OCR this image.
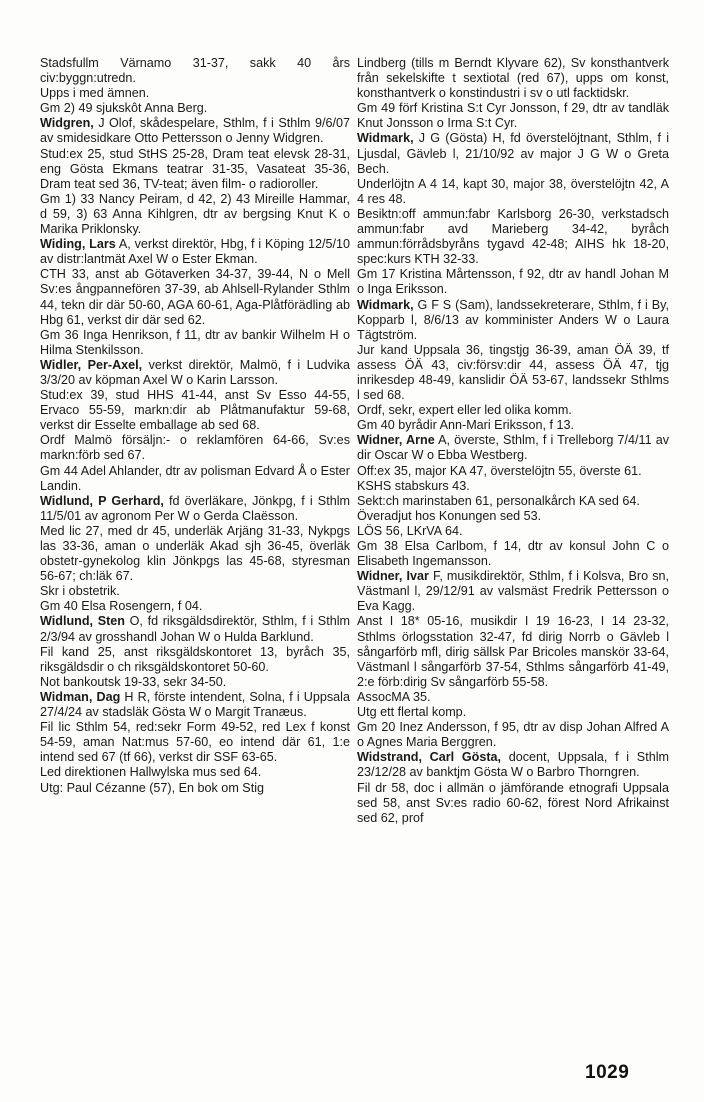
Stadsfullm Värnamo 31-37, sakk 40 års civ:byggn:utredn.

Upps i med ämnen.

Gm 2) 49 sjukskôt Anna Berg.

Widgren, J Olof, skådespelare, Sthlm, f i Sthlm 9/6/07 av smidesidkare Otto Pettersson o Jenny Widgren.

Stud:ex 25, stud StHS 25-28, Dram teat elevsk 28-31, eng Gösta Ekmans teatrar 31-35, Vasateat 35-36, Dram teat sed 36, TV-teat; även film- o radioroller.

Gm 1) 33 Nancy Peiram, d 42, 2) 43 Mireille Hammar, d 59, 3) 63 Anna Kihlgren, dtr av bergsing Knut K o Marika Priklonsky.

Widing, Lars A, verkst direktör, Hbg, f i Köping 12/5/10 av distr:lantmät Axel W o Ester Ekman.

CTH 33, anst ab Götaverken 34-37, 39-44, N o Mell Sv:es ångpannefören 37-39, ab Ahlsell-Rylander Sthlm 44, tekn dir där 50-60, AGA 60-61, Aga-Plåtförädling ab Hbg 61, verkst dir där sed 62.

Gm 36 Inga Henrikson, f 11, dtr av bankir Wilhelm H o Hilma Stenkilsson.

Widler, Per-Axel, verkst direktör, Malmö, f i Ludvika 3/3/20 av köpman Axel W o Karin Larsson.

Stud:ex 39, stud HHS 41-44, anst Sv Esso 44-55, Ervaco 55-59, markn:dir ab Plåtmanufaktur 59-68, verkst dir Esselte emballage ab sed 68.

Ordf Malmö försäljn:- o reklamfören 64-66, Sv:es markn:förb sed 67.

Gm 44 Adel Ahlander, dtr av polisman Edvard Å o Ester Landin.

Widlund, P Gerhard, fd överläkare, Jönkpg, f i Sthlm 11/5/01 av agronom Per W o Gerda Claësson.

Med lic 27, med dr 45, underläk Arjäng 31-33, Nykpgs las 33-36, aman o underläk Akad sjh 36-45, överläk obstetr-gynekolog klin Jönkpgs las 45-68, styresman 56-67; ch:läk 67.

Skr i obstetrik.

Gm 40 Elsa Rosengern, f 04.

Widlund, Sten O, fd riksgäldsdirektör, Sthlm, f i Sthlm 2/3/94 av grosshandl Johan W o Hulda Barklund.

Fil kand 25, anst riksgäldskontoret 13, byråch 35, riksgäldsdir o ch riksgäldskontoret 50-60.

Not bankoutsk 19-33, sekr 34-50.

Widman, Dag H R, förste intendent, Solna, f i Uppsala 27/4/24 av stadsläk Gösta W o Margit Tranæus.

Fil lic Sthlm 54, red:sekr Form 49-52, red Lex f konst 54-59, aman Nat:mus 57-60, eo intend där 61, 1:e intend sed 67 (tf 66), verkst dir SSF 63-65.

Led direktionen Hallwylska mus sed 64.

Utg: Paul Cézanne (57), En bok om Stig

Lindberg (tills m Berndt Klyvare 62), Sv konsthantverk från sekelskifte t sextiotal (red 67), upps om konst, konsthantverk o konstindustri i sv o utl facktidskr.

Gm 49 förf Kristina S:t Cyr Jonsson, f 29, dtr av tandläk Knut Jonsson o Irma S:t Cyr.

Widmark, J G (Gösta) H, fd överstelöjtnant, Sthlm, f i Ljusdal, Gävleb l, 21/10/92 av major J G W o Greta Bech.

Underlöjtn A 4 14, kapt 30, major 38, överstelöjtn 42, A 4 res 48.

Besiktn:off ammun:fabr Karlsborg 26-30, verkstadsch ammun:fabr avd Marieberg 34-42, byråch ammun:förrådsbyråns tygavd 42-48; AIHS hk 18-20, spec:kurs KTH 32-33.

Gm 17 Kristina Mårtensson, f 92, dtr av handl Johan M o Inga Eriksson.

Widmark, G F S (Sam), landssekreterare, Sthlm, f i By, Kopparb l, 8/6/13 av komminister Anders W o Laura Tägtström.

Jur kand Uppsala 36, tingstjg 36-39, aman ÖÄ 39, tf assess ÖÄ 43, civ:försv:dir 44, assess ÖÄ 47, tjg inrikesdep 48-49, kanslidir ÖÄ 53-67, landssekr Sthlms l sed 68.

Ordf, sekr, expert eller led olika komm.

Gm 40 byrådir Ann-Mari Eriksson, f 13.

Widner, Arne A, överste, Sthlm, f i Trelleborg 7/4/11 av dir Oscar W o Ebba Westberg.

Off:ex 35, major KA 47, överstelöjtn 55, överste 61.

KSHS stabskurs 43.

Sekt:ch marinstaben 61, personalkårch KA sed 64.

Överadjut hos Konungen sed 53.

LÖS 56, LKrVA 64.

Gm 38 Elsa Carlbom, f 14, dtr av konsul John C o Elisabeth Ingemansson.

Widner, Ivar F, musikdirektör, Sthlm, f i Kolsva, Bro sn, Västmanl l, 29/12/91 av valsmäst Fredrik Pettersson o Eva Kagg.

Anst I 18* 05-16, musikdir I 19 16-23, I 14 23-32, Sthlms örlogsstation 32-47, fd dirig Norrb o Gävleb l sångarförb mfl, dirig sällsk Par Bricoles manskör 33-64, Västmanl l sångarförb 37-54, Sthlms sångarförb 41-49, 2:e förb:dirig Sv sångarförb 55-58.

AssocMA 35.

Utg ett flertal komp.

Gm 20 Inez Andersson, f 95, dtr av disp Johan Alfred A o Agnes Maria Berggren.

Widstrand, Carl Gösta, docent, Uppsala, f i Sthlm 23/12/28 av banktjm Gösta W o Barbro Thorngren.

Fil dr 58, doc i allmän o jämförande etnografi Uppsala sed 58, anst Sv:es radio 60-62, förest Nord Afrikainst sed 62, prof

1029
